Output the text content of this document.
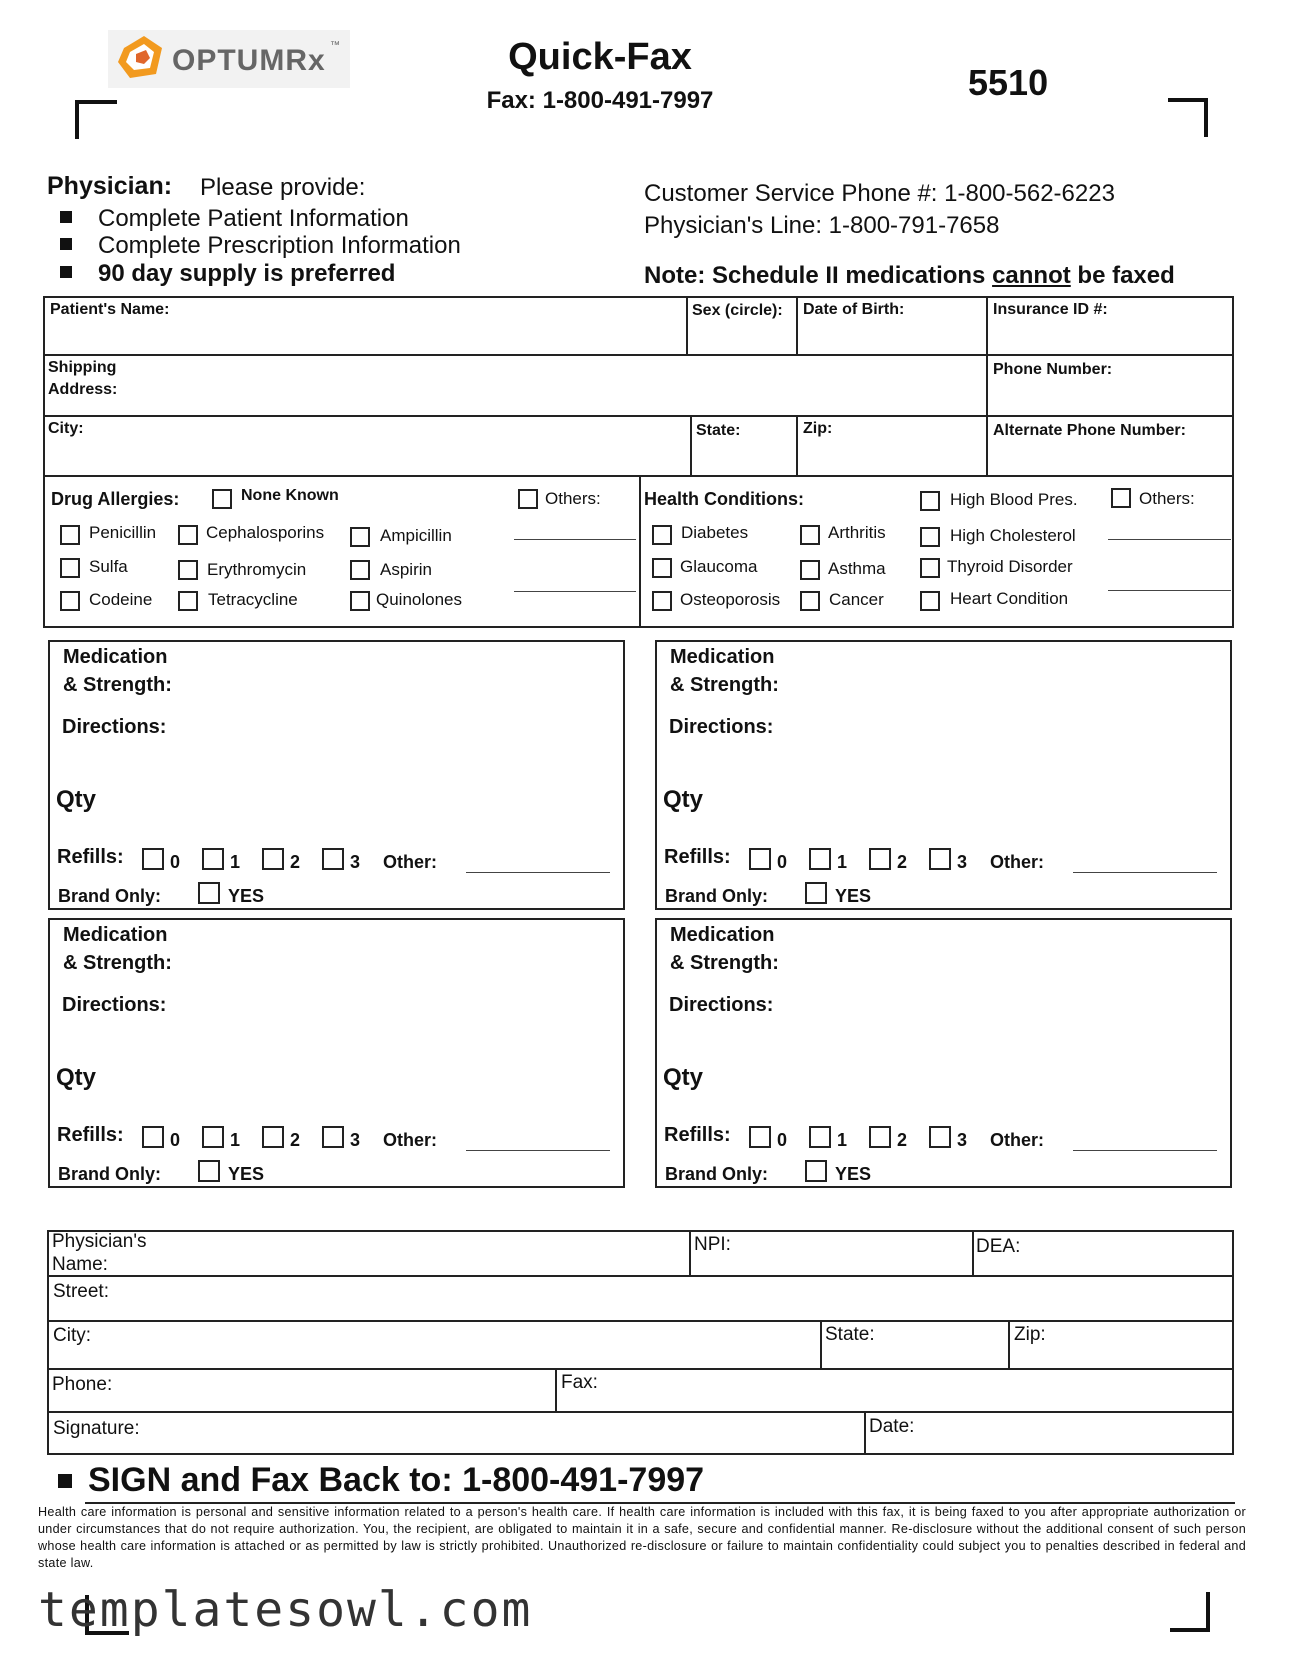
OPTUMRx ™	Quick-Fax
Fax: 1-800-491-7997	5510
Physician: Please provide:
Complete Patient Information
Complete Prescription Information
90 day supply is preferred
Customer Service Phone #: 1-800-562-6223
Physician's Line: 1-800-791-7658
Note: Schedule II medications cannot be faxed
Patient's Name:	Sex (circle): Date of Birth:	Insurance ID #:
Shipping
Address:
Phone Number:
City:	State:	Zip:	Alternate Phone Number:
Drug Allergies:	None Known	Others:
Penicillin	Cephalosporins	Ampicillin
Sulfa	Erythromycin	Aspirin
Codeine	Tetracycline	Quinolones
Health Conditions:	High Blood Pres.	Others:
Diabetes	Arthritis	High Cholesterol
Glaucoma	Asthma	Thyroid Disorder
Osteoporosis	Cancer	Heart Condition
Medication
& Strength:
Directions:
Qty
Refills:	0	1	2	3 Other:
Brand Only:	YES
Medication
& Strength:
Directions:
Qty
Refills:	0	1	2	3 Other:
Brand Only:	YES
Medication
& Strength:
Directions:
Qty
Refills:	0	1	2	3 Other:
Brand Only:	YES
Medication
& Strength:
Directions:
Qty
Refills:	0	1	2	3 Other:
Brand Only:	YES
Physician's
Name:
NPI:	DEA:
Street:
City:	State:	Zip:
Phone:	Fax:
Signature:	Date:
SIGN and Fax Back to: 1-800-491-7997
Health care information is personal and sensitive information related to a person's health care. If health care information is included with this fax, it is being faxed to you after appropriate authorization or under circumstances that do not require authorization. You, the recipient, are obligated to maintain it in a safe, secure and confidential manner. Re-disclosure without the additional consent of such person whose health care information is attached or as permitted by law is strictly prohibited. Unauthorized re-disclosure or failure to maintain confidentiality could subject you to penalties described in federal and state law.
templatesowl.com
